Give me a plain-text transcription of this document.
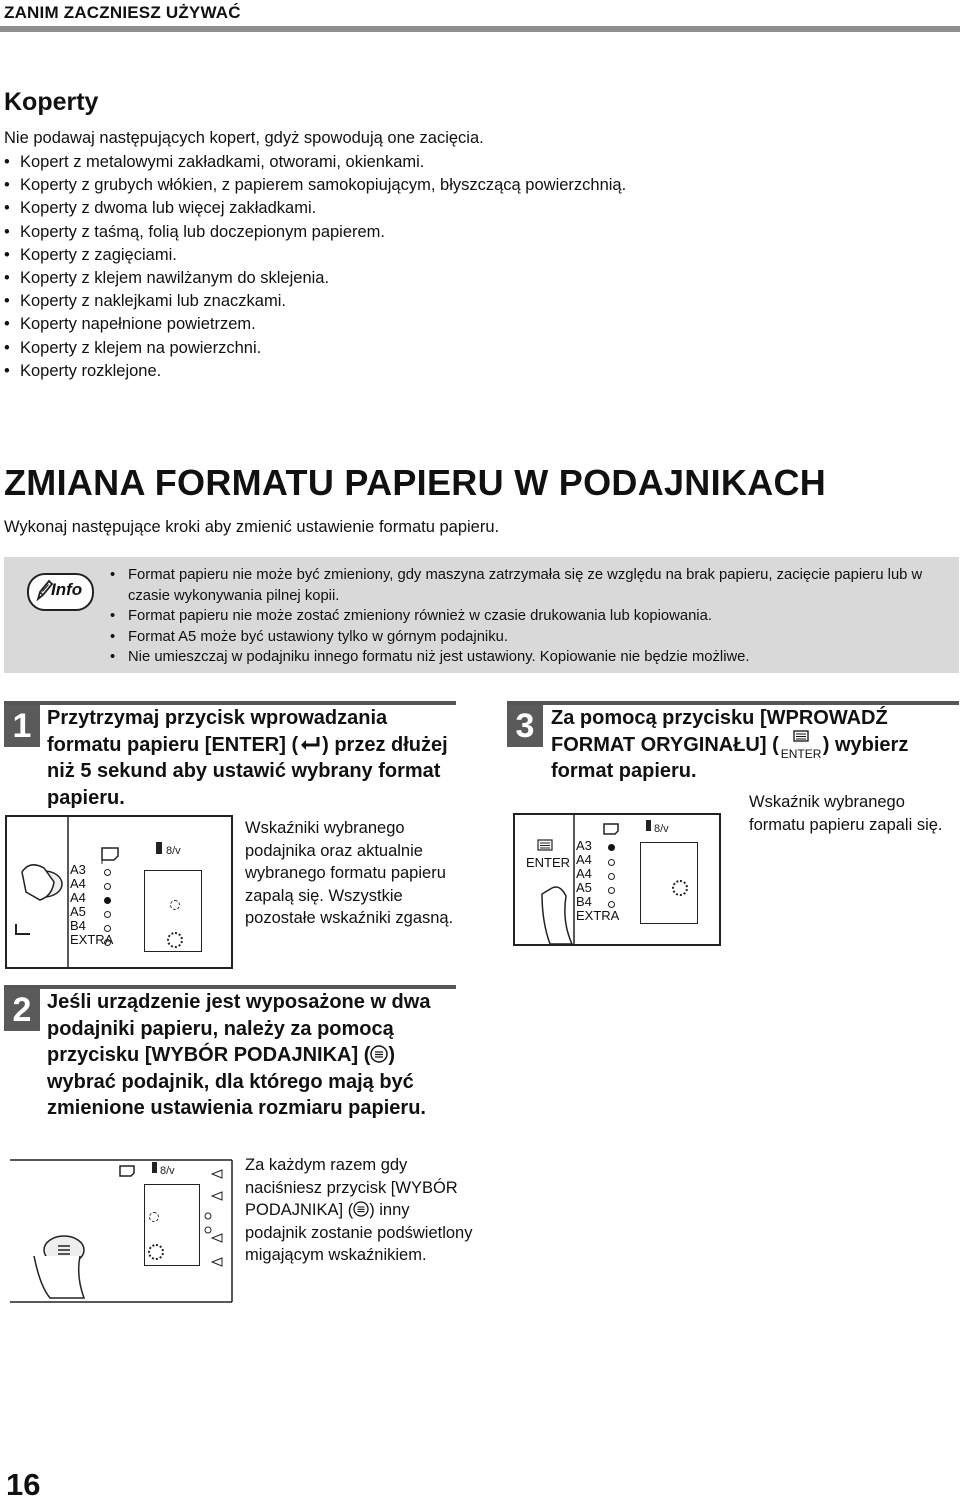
ZANIM ZACZNIESZ UŻYWAĆ
Koperty
Nie podawaj następujących kopert, gdyż spowodują one zacięcia.
• Kopert z metalowymi zakładkami, otworami, okienkami.
• Koperty z grubych włókien, z papierem samokopiującym, błyszczącą powierzchnią.
• Koperty z dwoma lub więcej zakładkami.
• Koperty z taśmą, folią lub doczepionym papierem.
• Koperty z zagięciami.
• Koperty z klejem nawilżanym do sklejenia.
• Koperty z naklejkami lub znaczkami.
• Koperty napełnione powietrzem.
• Koperty z klejem na powierzchni.
• Koperty rozklejone.
ZMIANA FORMATU PAPIERU W PODAJNIKACH
Wykonaj następujące kroki aby zmienić ustawienie formatu papieru.
Info
• Format papieru nie może być zmieniony, gdy maszyna zatrzymała się ze względu na brak papieru, zacięcie papieru lub w czasie wykonywania pilnej kopii.
• Format papieru nie może zostać zmieniony również w czasie drukowania lub kopiowania.
• Format A5 może być ustawiony tylko w górnym podajniku.
• Nie umieszczaj w podajniku innego formatu niż jest ustawiony. Kopiowanie nie będzie możliwe.
1 Przytrzymaj przycisk wprowadzania formatu papieru [ENTER] ( ) przez dłużej niż 5 sekund aby ustawić wybrany format papieru.
8/v
A3
A4
A4
A5
B4
EXTRA
Wskaźniki wybranego podajnika oraz aktualnie wybranego formatu papieru zapalą się. Wszystkie pozostałe wskaźniki zgasną.
2 Jeśli urządzenie jest wyposażone w dwa podajniki papieru, należy za pomocą przycisku [WYBÓR PODAJNIKA] ( ) wybrać podajnik, dla którego mają być zmienione ustawienia rozmiaru papieru.
8/v	Za każdym razem gdy naciśniesz przycisk [WYBÓR PODAJNIKA] ( ) inny podajnik zostanie podświetlony migającym wskaźnikiem.
3 Za pomocą przycisku [WPROWADŹ FORMAT ORYGINAŁU] ( ENTER ) wybierz format papieru.
8/v
ENTER
A3
A4
A4
A5
B4
EXTRA
Wskaźnik wybranego formatu papieru zapali się.
16
